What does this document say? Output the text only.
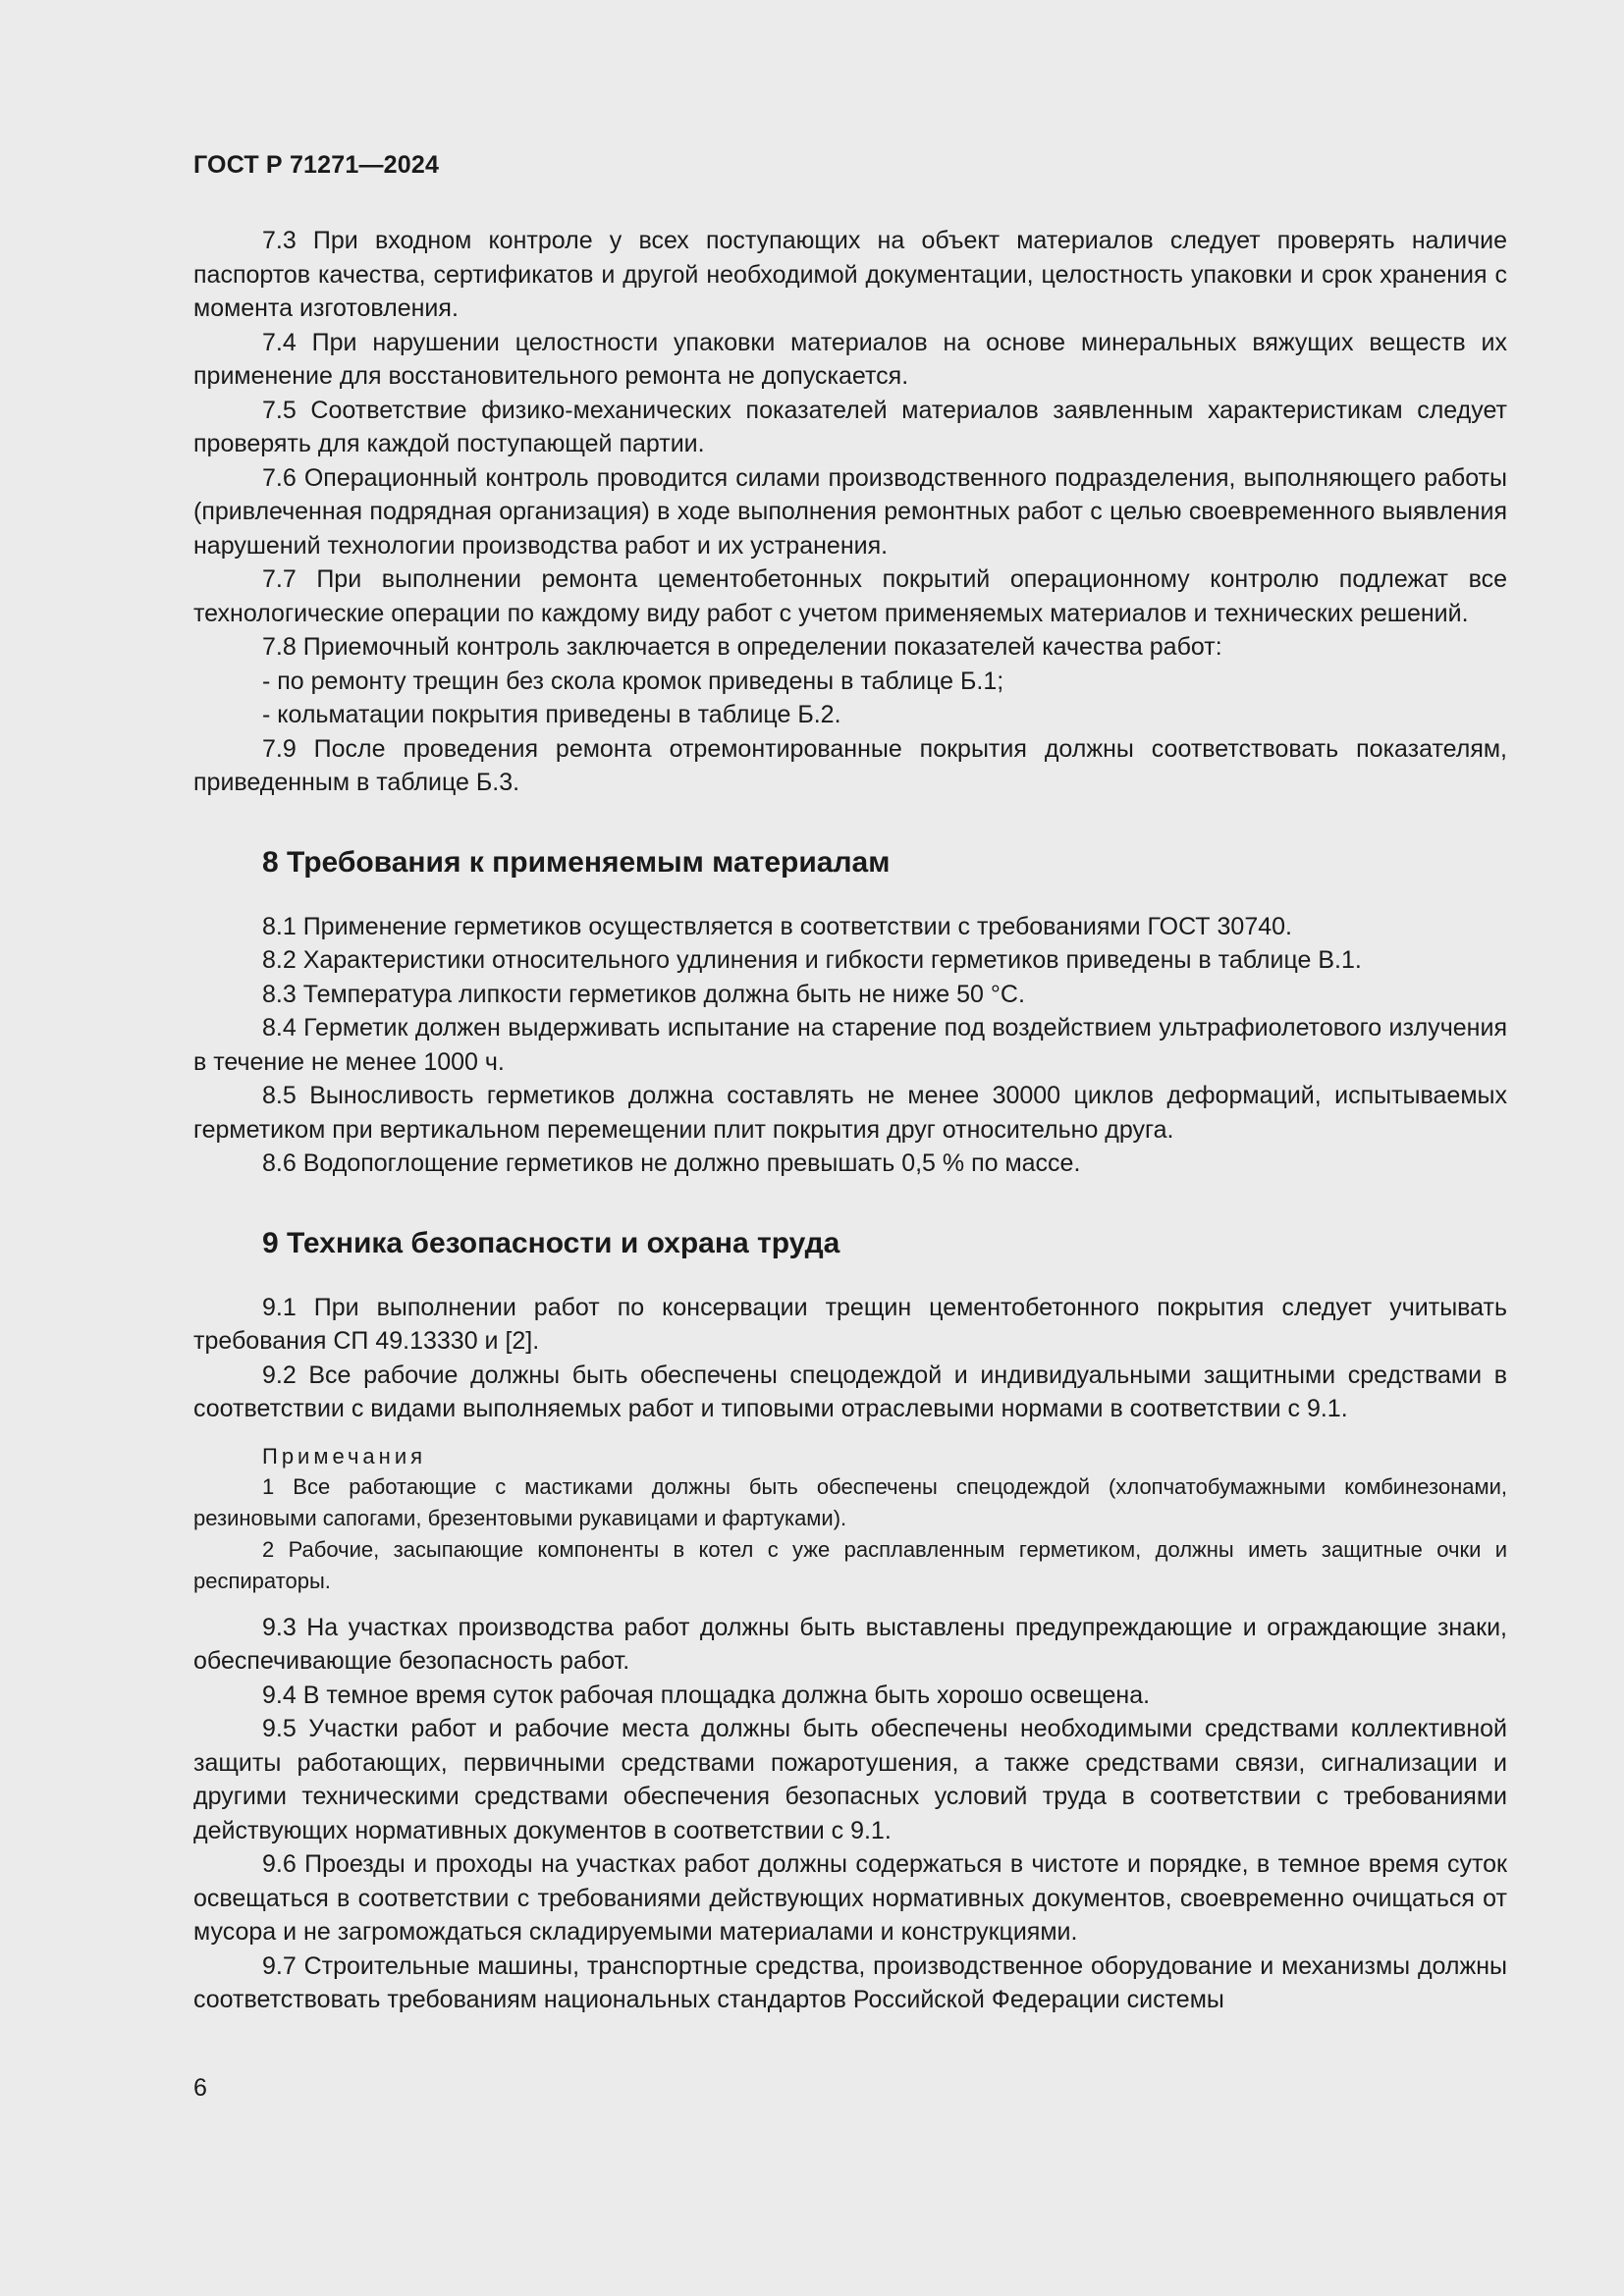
ГОСТ Р 71271—2024

7.3 При входном контроле у всех поступающих на объект материалов следует проверять наличие паспортов качества, сертификатов и другой необходимой документации, целостность упаковки и срок хранения с момента изготовления.

7.4 При нарушении целостности упаковки материалов на основе минеральных вяжущих веществ их применение для восстановительного ремонта не допускается.

7.5 Соответствие физико-механических показателей материалов заявленным характеристикам следует проверять для каждой поступающей партии.

7.6 Операционный контроль проводится силами производственного подразделения, выполняющего работы (привлеченная подрядная организация) в ходе выполнения ремонтных работ с целью своевременного выявления нарушений технологии производства работ и их устранения.

7.7 При выполнении ремонта цементобетонных покрытий операционному контролю подлежат все технологические операции по каждому виду работ с учетом применяемых материалов и технических решений.

7.8 Приемочный контроль заключается в определении показателей качества работ:

- по ремонту трещин без скола кромок приведены в таблице Б.1;

- кольматации покрытия приведены в таблице Б.2.

7.9 После проведения ремонта отремонтированные покрытия должны соответствовать показателям, приведенным в таблице Б.3.

8 Требования к применяемым материалам

8.1 Применение герметиков осуществляется в соответствии с требованиями ГОСТ 30740.

8.2 Характеристики относительного удлинения и гибкости герметиков приведены в таблице В.1.

8.3 Температура липкости герметиков должна быть не ниже 50 °С.

8.4 Герметик должен выдерживать испытание на старение под воздействием ультрафиолетового излучения в течение не менее 1000 ч.

8.5 Выносливость герметиков должна составлять не менее 30000 циклов деформаций, испытываемых герметиком при вертикальном перемещении плит покрытия друг относительно друга.

8.6 Водопоглощение герметиков не должно превышать 0,5 % по массе.

9 Техника безопасности и охрана труда

9.1 При выполнении работ по консервации трещин цементобетонного покрытия следует учитывать требования СП 49.13330 и [2].

9.2 Все рабочие должны быть обеспечены спецодеждой и индивидуальными защитными средствами в соответствии с видами выполняемых работ и типовыми отраслевыми нормами в соответствии с 9.1.

Примечания

1 Все работающие с мастиками должны быть обеспечены спецодеждой (хлопчатобумажными комбинезонами, резиновыми сапогами, брезентовыми рукавицами и фартуками).

2 Рабочие, засыпающие компоненты в котел с уже расплавленным герметиком, должны иметь защитные очки и респираторы.

9.3 На участках производства работ должны быть выставлены предупреждающие и ограждающие знаки, обеспечивающие безопасность работ.

9.4 В темное время суток рабочая площадка должна быть хорошо освещена.

9.5 Участки работ и рабочие места должны быть обеспечены необходимыми средствами коллективной защиты работающих, первичными средствами пожаротушения, а также средствами связи, сигнализации и другими техническими средствами обеспечения безопасных условий труда в соответствии с требованиями действующих нормативных документов в соответствии с 9.1.

9.6 Проезды и проходы на участках работ должны содержаться в чистоте и порядке, в темное время суток освещаться в соответствии с требованиями действующих нормативных документов, своевременно очищаться от мусора и не загромождаться складируемыми материалами и конструкциями.

9.7 Строительные машины, транспортные средства, производственное оборудование и механизмы должны соответствовать требованиям национальных стандартов Российской Федерации системы

6
